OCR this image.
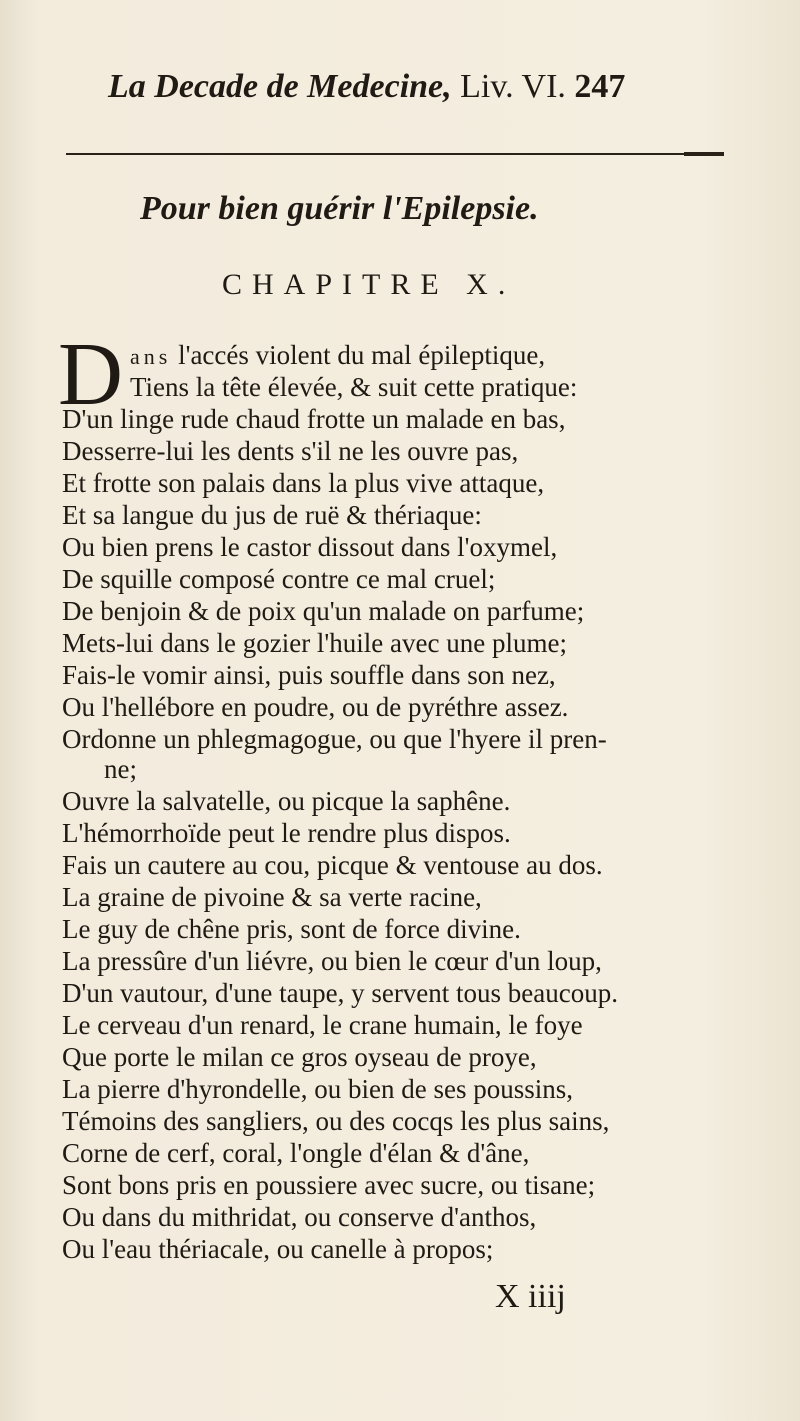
La Decade de Medecine, Liv. VI. 247
Pour bien guérir l'Epilepsie.
CHAPITRE X.
D ans l'accés violent du mal épileptique,
Tiens la tête élevée, & suit cette pratique:
D'un linge rude chaud frotte un malade en bas,
Desserre-lui les dents s'il ne les ouvre pas,
Et frotte son palais dans la plus vive attaque,
Et sa langue du jus de ruë & thériaque:
Ou bien prens le castor dissout dans l'oxymel,
De squille composé contre ce mal cruel;
De benjoin & de poix qu'un malade on parfume;
Mets-lui dans le gozier l'huile avec une plume;
Fais-le vomir ainsi, puis souffle dans son nez,
Ou l'hellébore en poudre, ou de pyréthre assez.
Ordonne un phlegmagogue, ou que l'hyere il pren-
ne;
Ouvre la salvatelle, ou picque la saphêne.
L'hémorrhoïde peut le rendre plus dispos.
Fais un cautere au cou, picque & ventouse au dos.
La graine de pivoine & sa verte racine,
Le guy de chêne pris, sont de force divine.
La pressûre d'un liévre, ou bien le cœur d'un loup,
D'un vautour, d'une taupe, y servent tous beaucoup.
Le cerveau d'un renard, le crane humain, le foye
Que porte le milan ce gros oyseau de proye,
La pierre d'hyrondelle, ou bien de ses poussins,
Témoins des sangliers, ou des cocqs les plus sains,
Corne de cerf, coral, l'ongle d'élan & d'âne,
Sont bons pris en poussiere avec sucre, ou tisane;
Ou dans du mithridat, ou conserve d'anthos,
Ou l'eau thériacale, ou canelle à propos;
X iiij
